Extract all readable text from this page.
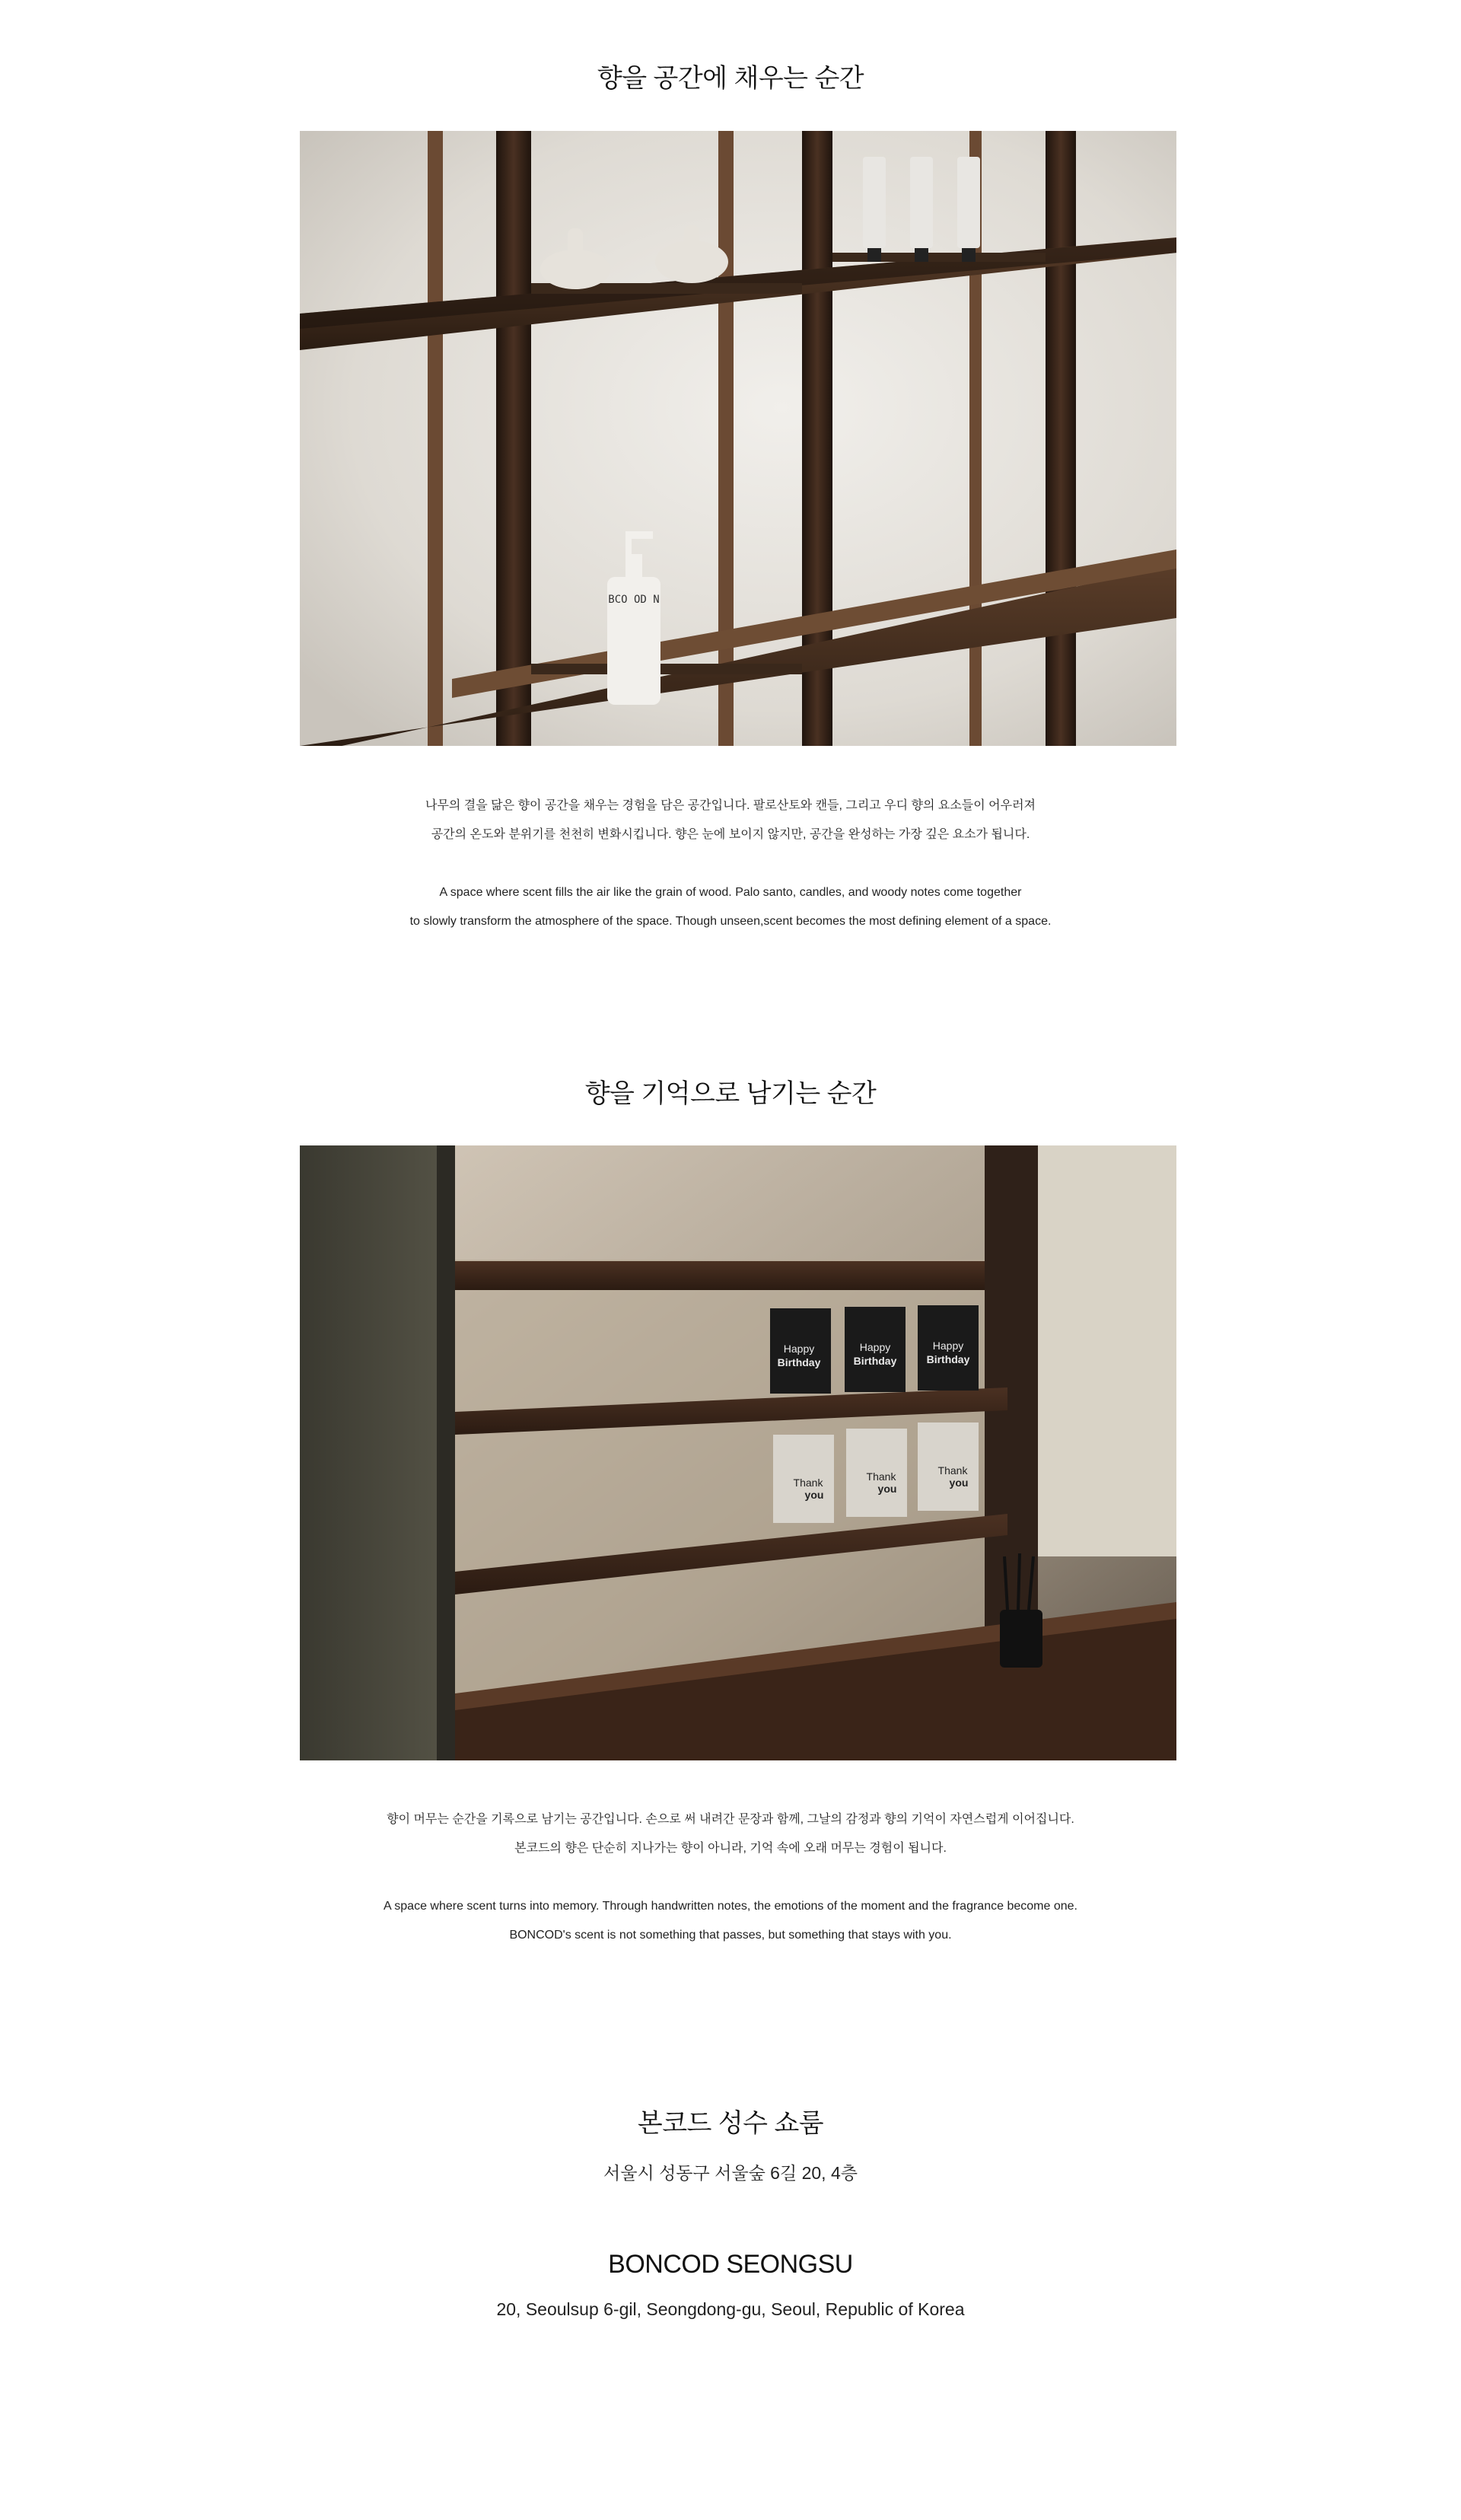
향을 공간에 채우는 순간
BCO OD N

나무의 결을 닮은 향이 공간을 채우는 경험을 담은 공간입니다. 팔로산토와 캔들, 그리고 우디 향의 요소들이 어우러져

공간의 온도와 분위기를 천천히 변화시킵니다. 향은 눈에 보이지 않지만, 공간을 완성하는 가장 깊은 요소가 됩니다.

A space where scent fills the air like the grain of wood. Palo santo, candles, and woody notes come together

to slowly transform the atmosphere of the space. Though unseen,scent becomes the most defining element of a space.

향을 기억으로 남기는 순간
Happy
Birthday
Happy
Birthday
Happy
Birthday
Thank
you
Thank
you
Thank
you

향이 머무는 순간을 기록으로 남기는 공간입니다. 손으로 써 내려간 문장과 함께, 그날의 감정과 향의 기억이 자연스럽게 이어집니다.

본코드의 향은 단순히 지나가는 향이 아니라, 기억 속에 오래 머무는 경험이 됩니다.

A space where scent turns into memory. Through handwritten notes, the emotions of the moment and the fragrance become one.

BONCOD's scent is not something that passes, but something that stays with you.

본코드 성수 쇼룸

서울시 성동구 서울숲 6길 20, 4층

BONCOD SEONGSU

20, Seoulsup 6-gil, Seongdong-gu, Seoul, Republic of Korea
